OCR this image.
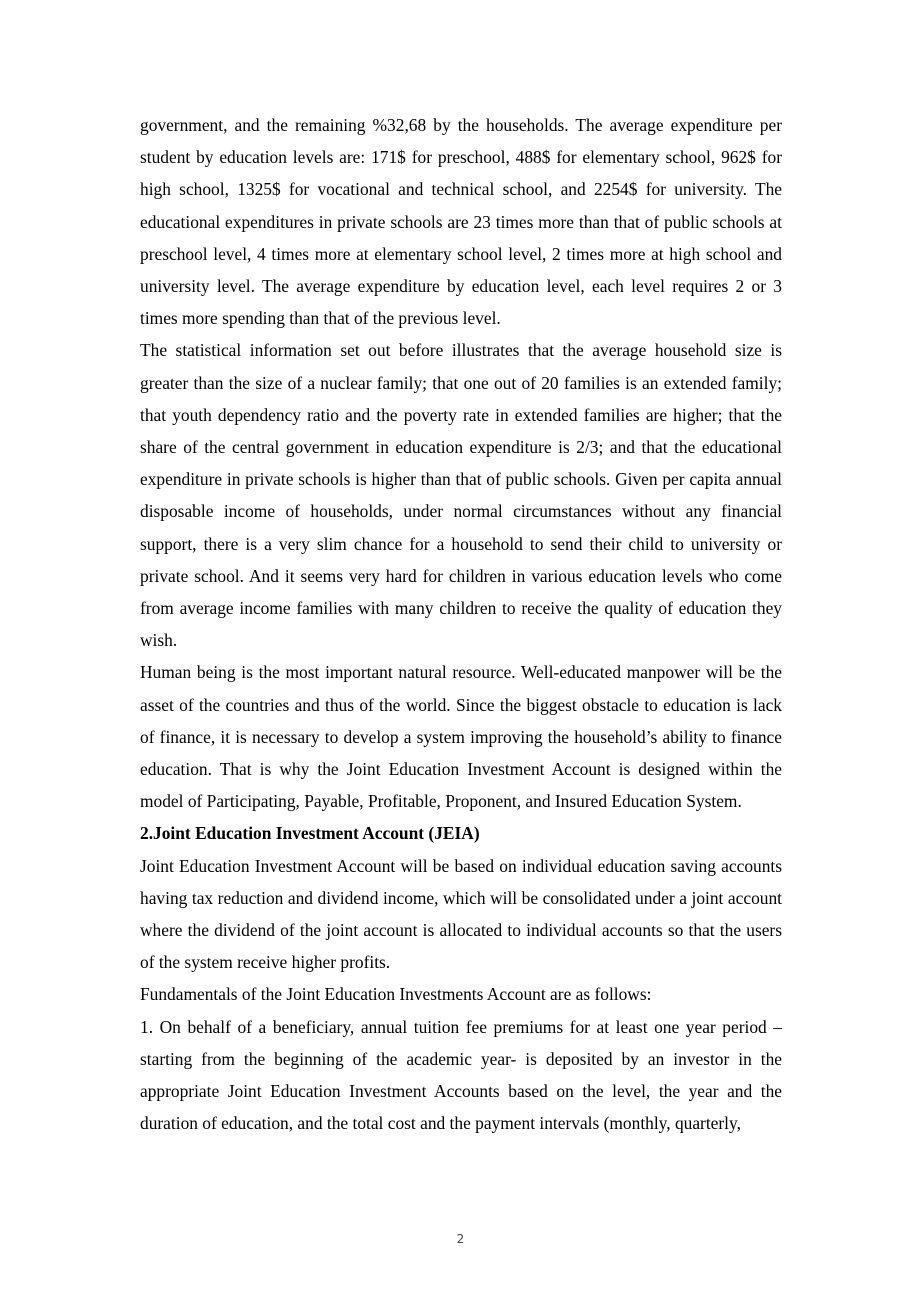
government, and the remaining %32,68 by the households. The average expenditure per student by education levels are: 171$ for preschool, 488$ for elementary school, 962$ for high school, 1325$ for vocational and technical school, and 2254$ for university. The educational expenditures in private schools are 23 times more than that of public schools at preschool level, 4 times more at elementary school level, 2 times more at high school and university level. The average expenditure by education level, each level requires 2 or 3 times more spending than that of the previous level.

The statistical information set out before illustrates that the average household size is greater than the size of a nuclear family; that one out of 20 families is an extended family; that youth dependency ratio and the poverty rate in extended families are higher; that the share of the central government in education expenditure is 2/3; and that the educational expenditure in private schools is higher than that of public schools. Given per capita annual disposable income of households, under normal circumstances without any financial support, there is a very slim chance for a household to send their child to university or private school. And it seems very hard for children in various education levels who come from average income families with many children to receive the quality of education they wish.

Human being is the most important natural resource. Well-educated manpower will be the asset of the countries and thus of the world. Since the biggest obstacle to education is lack of finance, it is necessary to develop a system improving the household’s ability to finance education. That is why the Joint Education Investment Account is designed within the model of Participating, Payable, Profitable, Proponent, and Insured Education System.

2.Joint Education Investment Account (JEIA)

Joint Education Investment Account will be based on individual education saving accounts having tax reduction and dividend income, which will be consolidated under a joint account where the dividend of the joint account is allocated to individual accounts so that the users of the system receive higher profits.

Fundamentals of the Joint Education Investments Account are as follows:

1. On behalf of a beneficiary, annual tuition fee premiums for at least one year period – starting from the beginning of the academic year- is deposited by an investor in the appropriate Joint Education Investment Accounts based on the level, the year and the duration of education, and the total cost and the payment intervals (monthly, quarterly,

2
